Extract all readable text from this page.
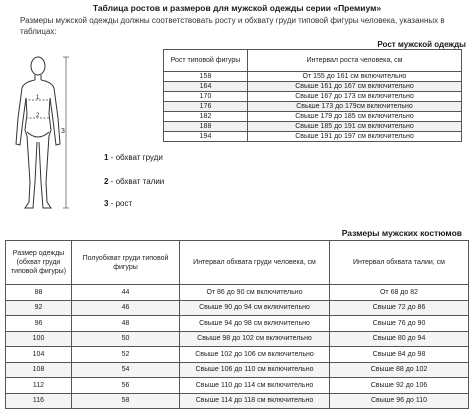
Таблица ростов и размеров для мужской одежды серии «Премиум»
Размеры мужской одежды должны соответствовать росту и обхвату груди типовой фигуры человека, указанных в таблицах:
Рост мужской одежды
Рост типовой фигуры	Интервал роста человека, см
158	От 155 до 161 см включительно
164	Свыше 161 до 167 см включительно
170	Свыше 167 до 173 см включительно
176	Свыше 173 до 179см включительно
182	Свыше 179 до 185 см включительно
188	Свыше 185 до 191 см включительно
194	Свыше 191 до 197 см включительно
1
2
3
1 - обхват груди
2 - обхват талии
3 - рост
Размеры мужских костюмов
Размер одежды (обхват груди типовой фигуры)	Полуобхват груди типовой фигуры	Интервал обхвата груди человека, см	Интервал обхвата талии, см
88	44	От 86 до 90 см включительно	От 68 до 82
92	46	Свыше 90 до 94 см включительно	Свыше 72 до 86
96	48	Свыше 94 до 98 см включительно	Свыше 76 до 90
100	50	Свыше 98 до 102 см включительно	Свыше 80 до 94
104	52	Свыше 102 до 106 см включительно	Свыше 84 до 98
108	54	Свыше 106 до 110 см включительно	Свыше 88 до 102
112	56	Свыше 110 до 114 см включительно	Свыше 92 до 106
116	58	Свыше 114 до 118 см включительно	Свыше 96 до 110
